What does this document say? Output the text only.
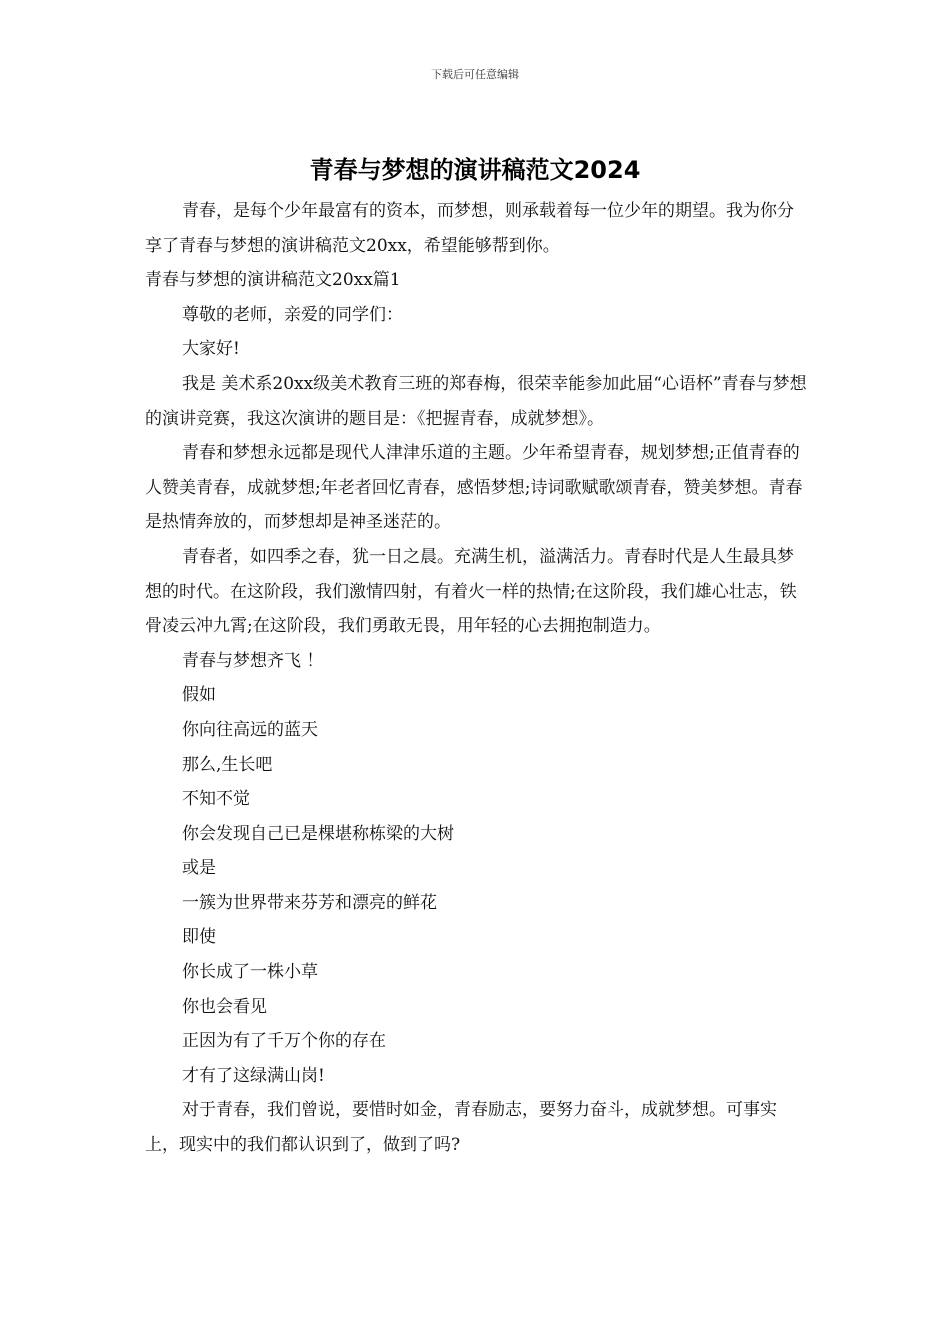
下载后可任意编辑
青春与梦想的演讲稿范文2024

青春，是每个少年最富有的资本，而梦想，则承载着每一位少年的期望。我为你分享了青春与梦想的演讲稿范文20xx，希望能够帮到你。

青春与梦想的演讲稿范文20xx篇1

尊敬的老师，亲爱的同学们：

大家好!

我是 美术系20xx级美术教育三班的郑春梅，很荣幸能参加此届“心语杯”青春与梦想的演讲竞赛，我这次演讲的题目是：《把握青春，成就梦想》。

青春和梦想永远都是现代人津津乐道的主题。少年希望青春，规划梦想;正值青春的人赞美青春，成就梦想;年老者回忆青春，感悟梦想;诗词歌赋歌颂青春，赞美梦想。青春是热情奔放的，而梦想却是神圣迷茫的。

青春者，如四季之春，犹一日之晨。充满生机，溢满活力。青春时代是人生最具梦想的时代。在这阶段，我们激情四射，有着火一样的热情;在这阶段，我们雄心壮志，铁骨凌云冲九霄;在这阶段，我们勇敢无畏，用年轻的心去拥抱制造力。

青春与梦想齐飞 ！

假如

你向往高远的蓝天

那么,生长吧

不知不觉

你会发现自己已是棵堪称栋梁的大树

或是

一簇为世界带来芬芳和漂亮的鲜花

即使

你长成了一株小草

你也会看见

正因为有了千万个你的存在

才有了这绿满山岗!

对于青春，我们曾说，要惜时如金，青春励志，要努力奋斗，成就梦想。可事实上，现实中的我们都认识到了，做到了吗?
